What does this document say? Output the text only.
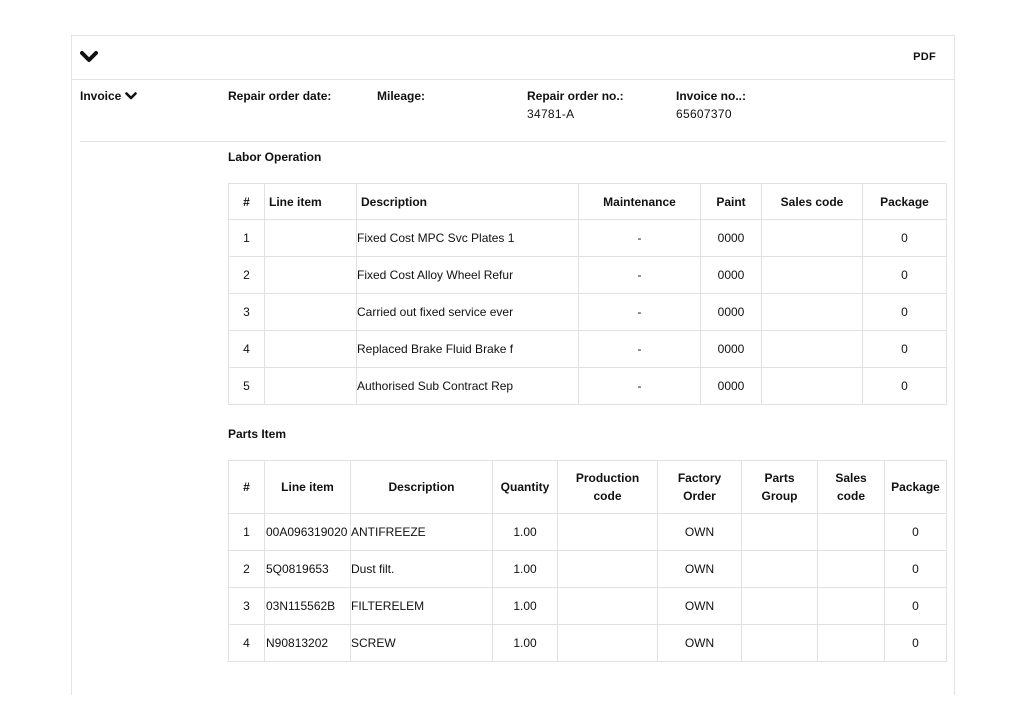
PDF
Invoice	Repair order date:	Mileage:	Repair order no.:
34781-A
Invoice no..:
65607370
Labor Operation
#	Line item	Description	Maintenance	Paint	Sales code	Package
1		Fixed Cost MPC Svc Plates 1	-	0000		0
2		Fixed Cost Alloy Wheel Refur	-	0000		0
3		Carried out fixed service ever	-	0000		0
4		Replaced Brake Fluid Brake f	-	0000		0
5		Authorised Sub Contract Rep	-	0000		0
Parts Item
#	Line item	Description	Quantity	Production code	Factory Order	Parts Group	Sales code	Package
1	00A096319020	ANTIFREEZE	1.00		OWN			0
2	5Q0819653	Dust filt.	1.00		OWN			0
3	03N115562B	FILTERELEM	1.00		OWN			0
4	N90813202	SCREW	1.00		OWN			0
